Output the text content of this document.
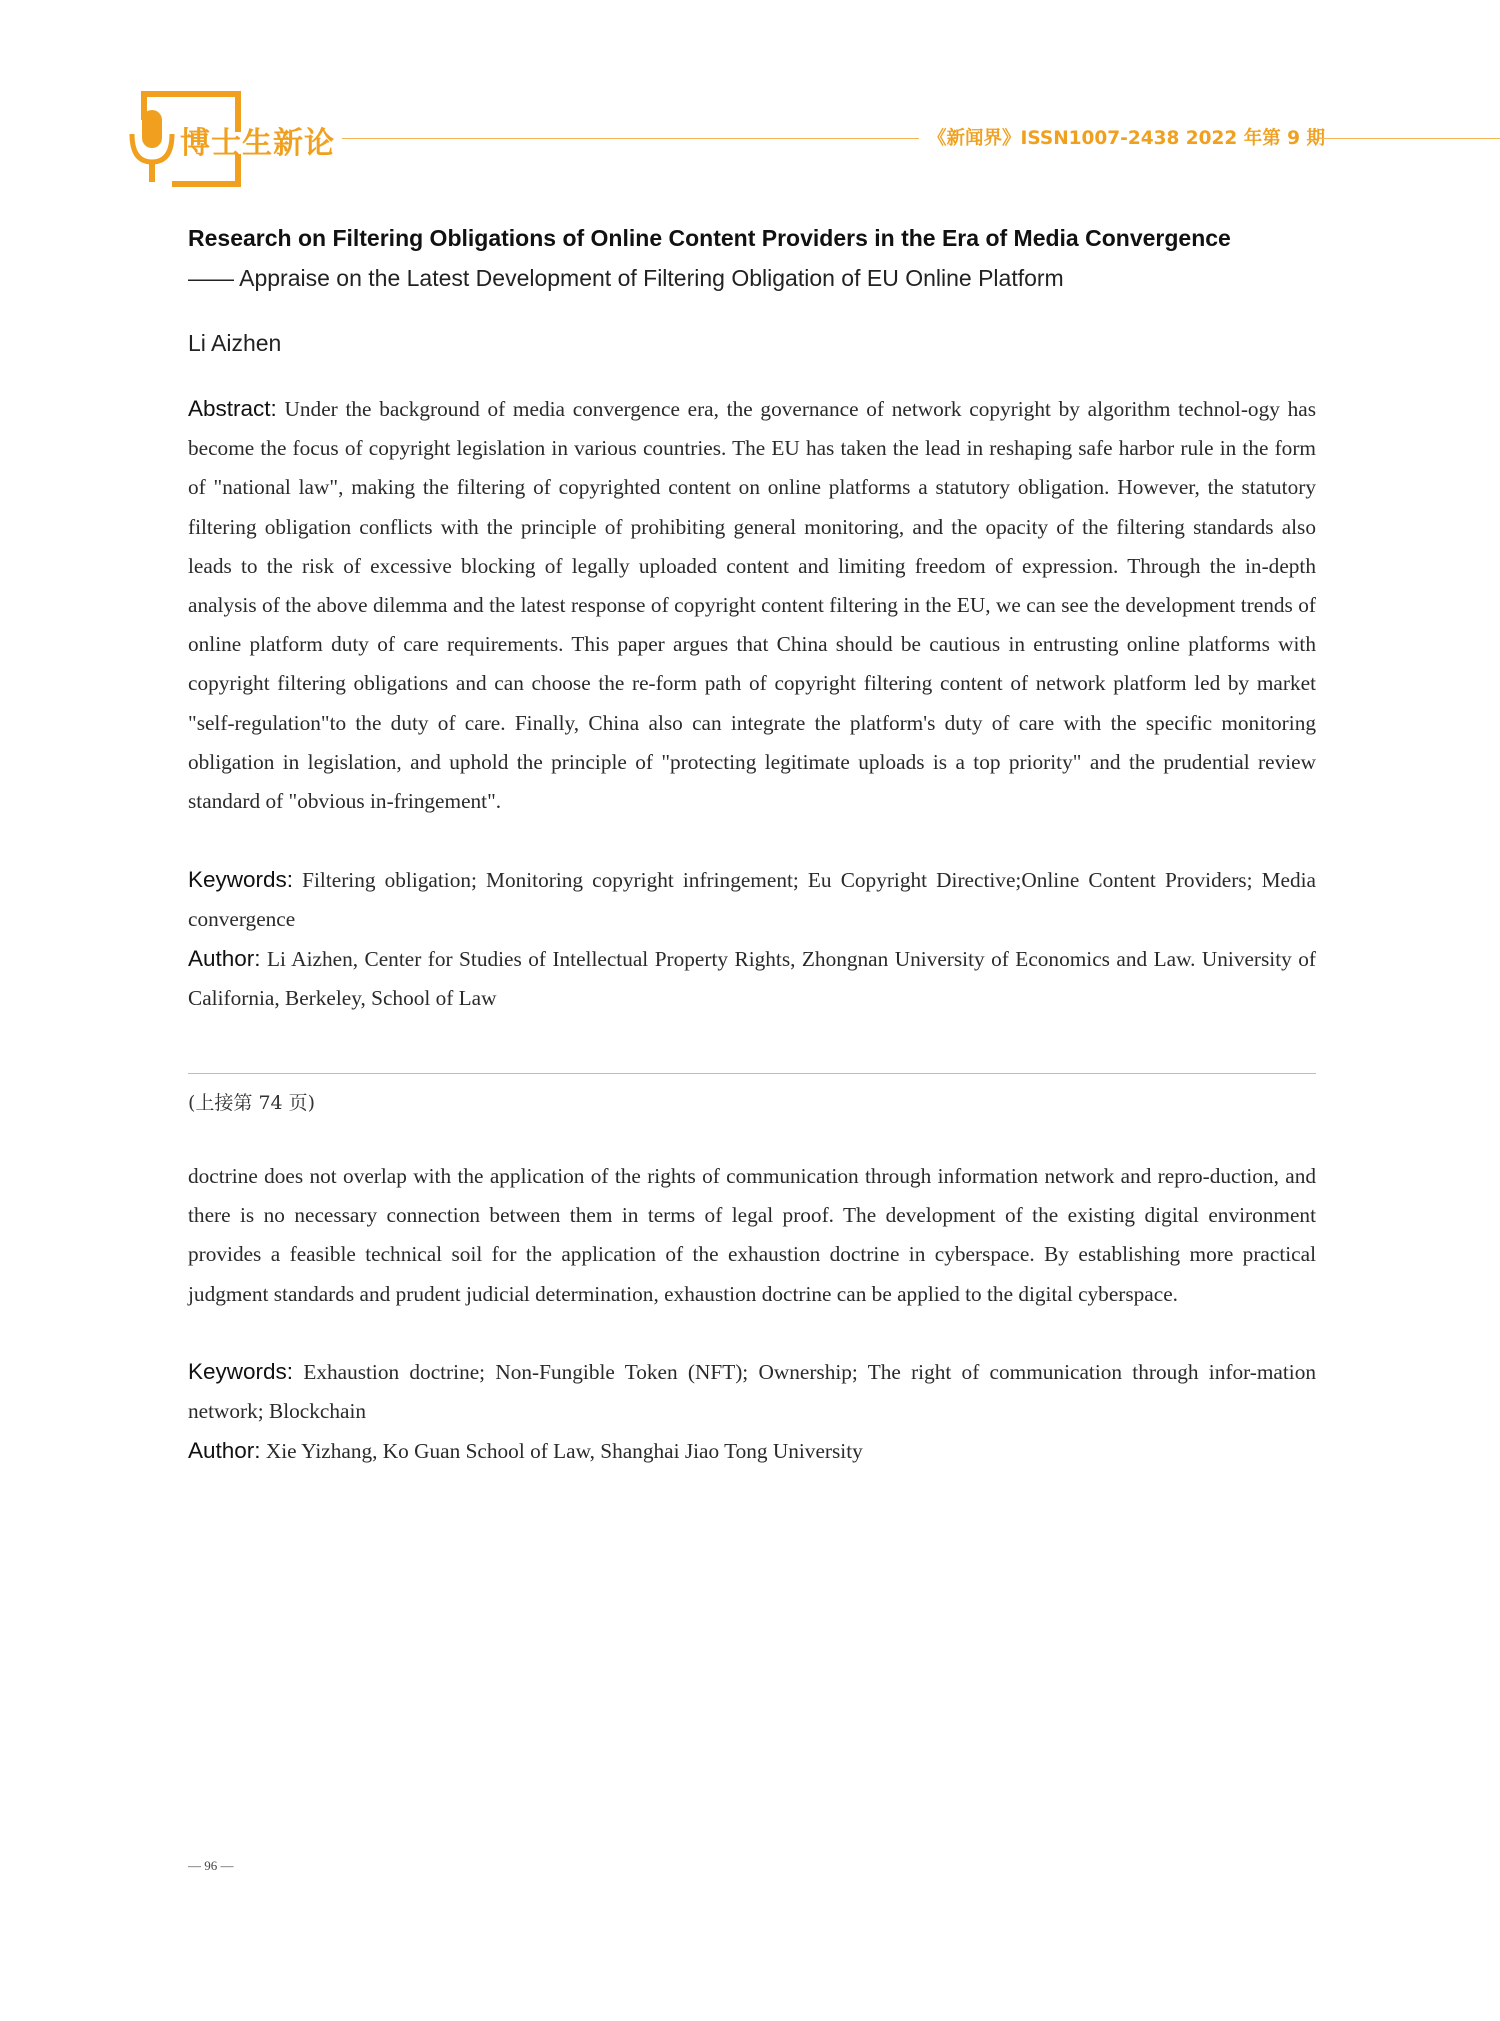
博士生新论	《新闻界》ISSN1007-2438 2022 年第 9 期
Research on Filtering Obligations of Online Content Providers in the Era of Media Convergence
—— Appraise on the Latest Development of Filtering Obligation of EU Online Platform
Li Aizhen
Abstract: Under the background of media convergence era, the governance of network copyright by algorithm technol-ogy has become the focus of copyright legislation in various countries. The EU has taken the lead in reshaping safe harbor rule in the form of "national law", making the filtering of copyrighted content on online platforms a statutory obligation. However, the statutory filtering obligation conflicts with the principle of prohibiting general monitoring, and the opacity of the filtering standards also leads to the risk of excessive blocking of legally uploaded content and limiting freedom of expression. Through the in-depth analysis of the above dilemma and the latest response of copyright content filtering in the EU, we can see the development trends of online platform duty of care requirements. This paper argues that China should be cautious in entrusting online platforms with copyright filtering obligations and can choose the re-form path of copyright filtering content of network platform led by market "self-regulation"to the duty of care. Finally, China also can integrate the platform's duty of care with the specific monitoring obligation in legislation, and uphold the principle of "protecting legitimate uploads is a top priority" and the prudential review standard of "obvious in-fringement".
Keywords: Filtering obligation; Monitoring copyright infringement; Eu Copyright Directive;Online Content Providers; Media convergence
Author: Li Aizhen, Center for Studies of Intellectual Property Rights, Zhongnan University of Economics and Law. University of California, Berkeley, School of Law
(上接第 74 页)
doctrine does not overlap with the application of the rights of communication through information network and repro-duction, and there is no necessary connection between them in terms of legal proof. The development of the existing digital environment provides a feasible technical soil for the application of the exhaustion doctrine in cyberspace. By establishing more practical judgment standards and prudent judicial determination, exhaustion doctrine can be applied to the digital cyberspace.
Keywords: Exhaustion doctrine; Non-Fungible Token (NFT); Ownership; The right of communication through infor-mation network; Blockchain
Author: Xie Yizhang, Ko Guan School of Law, Shanghai Jiao Tong University
— 96 —
